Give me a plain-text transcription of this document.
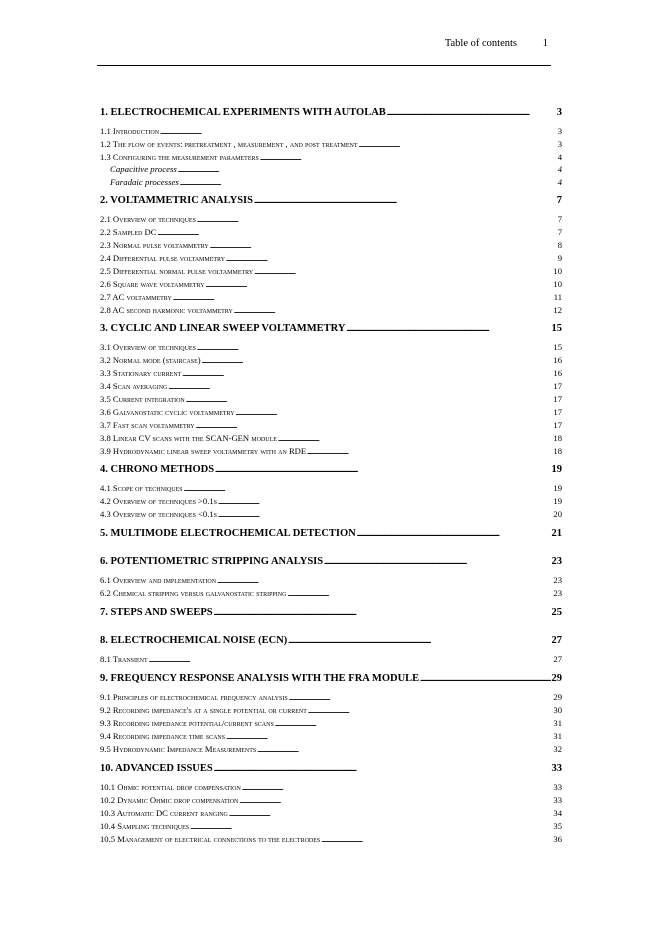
Table of contents 1
1. ELECTROCHEMICAL EXPERIMENTS WITH AUTOLAB . . .	3
1.1 Introduction . . .	3
1.2 The flow of events: pretreatment , measurement , and post treatment . . .	3
1.3 Configuring the measurement parameters . . .	4
Capacitive process . . .	4
Faradaic processes . . .	4
2. VOLTAMMETRIC ANALYSIS . . .	7
2.1 Overview of techniques . . .	7
2.2 Sampled DC . . .	7
2.3 Normal pulse voltammetry . . .	8
2.4 Differential pulse voltammetry . . .	9
2.5 Differential normal pulse voltammetry . . .	10
2.6 Square wave voltammetry . . .	10
2.7 AC voltammetry . . .	11
2.8 AC second harmonic voltammetry . . .	12
3. CYCLIC AND LINEAR SWEEP VOLTAMMETRY . . .	15
3.1 Overview of techniques . . .	15
3.2 Normal mode (staircase) . . .	16
3.3 Stationary current . . .	16
3.4 Scan averaging . . .	17
3.5 Current integration . . .	17
3.6 Galvanostatic cyclic voltammetry . . .	17
3.7 Fast scan voltammetry . . .	17
3.8 Linear CV scans with the SCAN-GEN module . . .	18
3.9 Hydrodynamic linear sweep voltammetry with an RDE . . .	18
4. CHRONO METHODS . . .	19
4.1 Scope of techniques . . .	19
4.2 Overview of techniques >0.1s . . .	19
4.3 Overview of techniques <0.1s . . .	20
5. MULTIMODE ELECTROCHEMICAL DETECTION . . .	21
6. POTENTIOMETRIC STRIPPING ANALYSIS . . .	23
6.1 Overview and implementation . . .	23
6.2 Chemical stripping versus galvanostatic stripping . . .	23
7. STEPS AND SWEEPS . . .	25
8. ELECTROCHEMICAL NOISE (ECN) . . .	27
8.1 Transient . . .	27
9. FREQUENCY RESPONSE ANALYSIS WITH THE FRA MODULE . . .	29
9.1 Principles of electrochemical frequency analysis . . .	29
9.2 Recording impedance's at a single potential or current . . .	30
9.3 Recording impedance potential/current scans . . .	31
9.4 Recording impedance time scans . . .	31
9.5 Hydrodynamic Impedance Measurements . . .	32
10. ADVANCED ISSUES . . .	33
10.1 Ohmic potential drop compensation . . .	33
10.2 Dynamic Ohmic drop compensation . . .	33
10.3 Automatic DC current ranging . . .	34
10.4 Sampling techniques . . .	35
10.5 Management of electrical connections to the electrodes . . .	36
